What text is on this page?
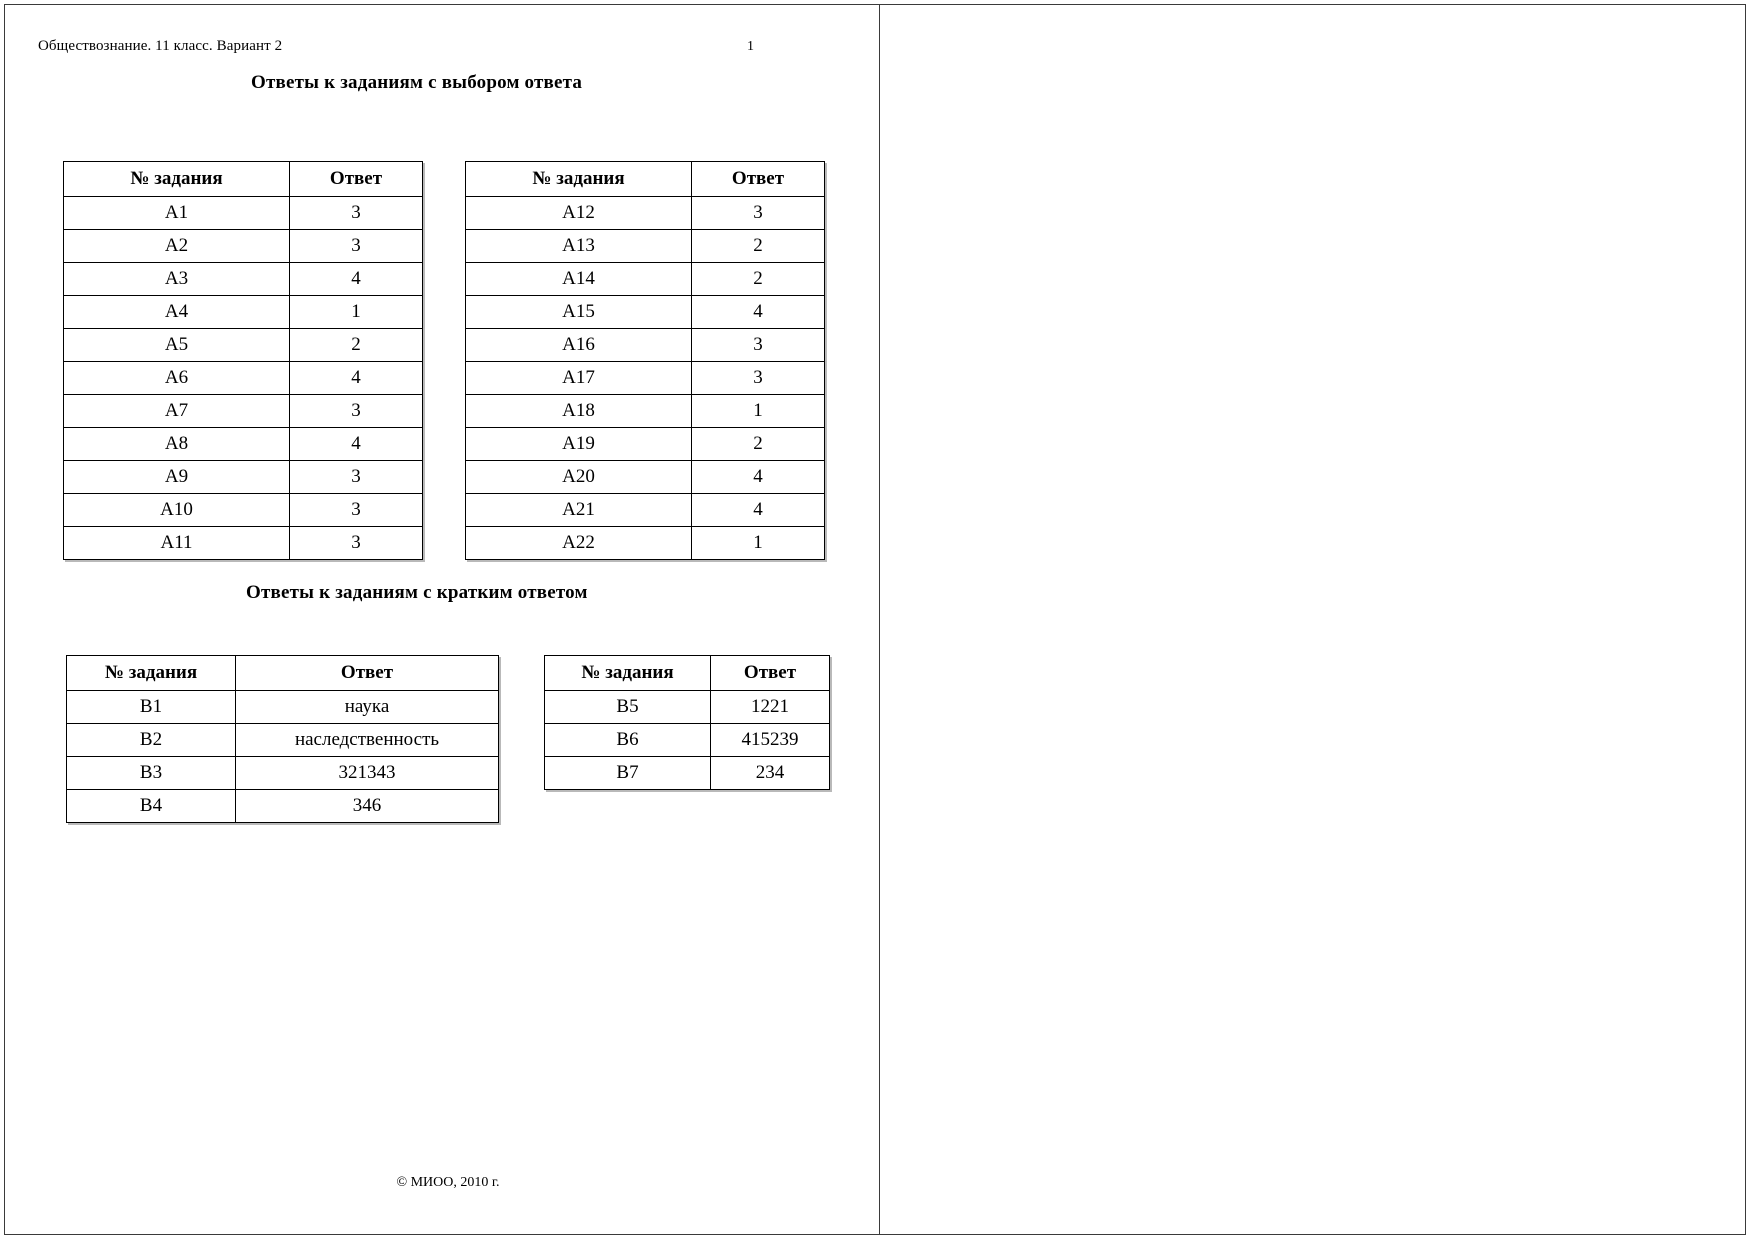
Обществознание. 11 класс. Вариант 2	1
Ответы к заданиям с выбором ответа
№ задания	Ответ
А1	3
А2	3
А3	4
А4	1
А5	2
А6	4
А7	3
А8	4
А9	3
А10	3
А11	3
№ задания	Ответ
А12	3
А13	2
А14	2
А15	4
А16	3
А17	3
А18	1
А19	2
А20	4
А21	4
А22	1
Ответы к заданиям с кратким ответом
№ задания	Ответ
В1	наука
В2	наследственность
В3	321343
В4	346
№ задания	Ответ
В5	1221
В6	415239
В7	234
© МИОО, 2010 г.
